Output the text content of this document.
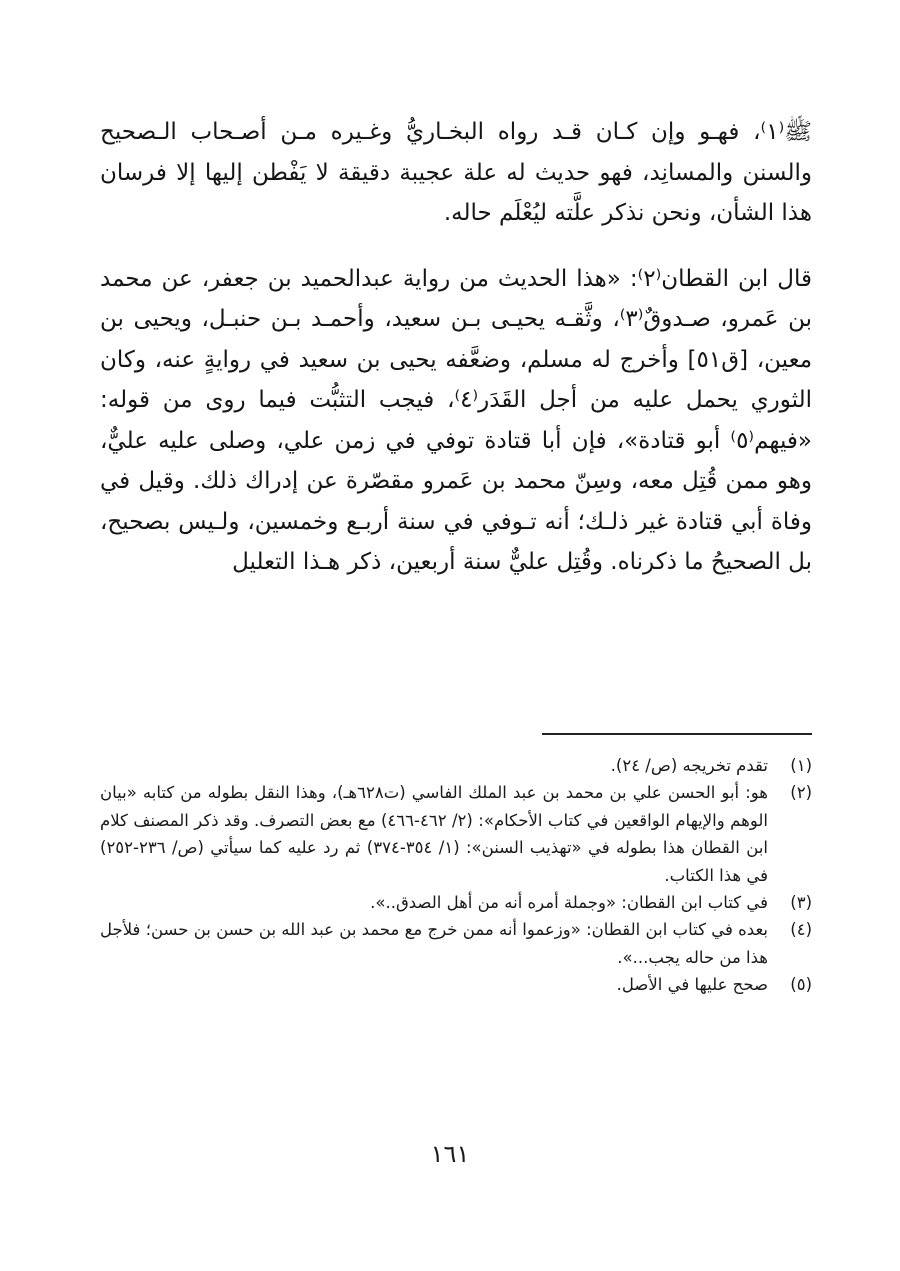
ﷺ⁽١⁾، فهـو وإن كـان قـد رواه البخـاريُّ وغـيره مـن أصـحاب الـصحيح والسنن والمسانِد، فهو حديث له علة عجيبة دقيقة لا يَفْطن إليها إلا فرسان هذا الشأن، ونحن نذكر علَّته ليُعْلَم حاله.

قال ابن القطان⁽٢⁾: «هذا الحديث من رواية عبدالحميد بن جعفر، عن محمد بن عَمرو، صـدوقٌ⁽٣⁾، وثَّقـه يحيـى بـن سعيد، وأحمـد بـن حنبـل، ويحيى بن معين، [ق٥١] وأخرج له مسلم، وضعَّفه يحيى بن سعيد في روايةٍ عنه، وكان الثوري يحمل عليه من أجل القَدَر⁽٤⁾، فيجب التثبُّت فيما روى من قوله: «فيهم⁽٥⁾ أبو قتادة»، فإن أبا قتادة توفي في زمن علي، وصلى عليه عليٌّ، وهو ممن قُتِل معه، وسِنّ محمد بن عَمرو مقصّرة عن إدراك ذلك. وقيل في وفاة أبي قتادة غير ذلـك؛ أنه تـوفي في سنة أربـع وخمسين، ولـيس بصحيح، بل الصحيحُ ما ذكرناه. وقُتِل عليٌّ سنة أربعين، ذكر هـذا التعليل

(١)
تقدم تخريجه (ص/ ٢٤).
(٢)
هو: أبو الحسن علي بن محمد بن عبد الملك الفاسي (ت٦٢٨هـ)، وهذا النقل بطوله من كتابه «بيان الوهم والإيهام الواقعين في كتاب الأحكام»: (٢/ ٤٦٢-٤٦٦) مع بعض التصرف. وقد ذكر المصنف كلام ابن القطان هذا بطوله في «تهذيب السنن»: (١/ ٣٥٤-٣٧٤) ثم رد عليه كما سيأتي (ص/ ٢٣٦-٢٥٢) في هذا الكتاب.
(٣)
في كتاب ابن القطان: «وجملة أمره أنه من أهل الصدق..».
(٤)
بعده في كتاب ابن القطان: «وزعموا أنه ممن خرج مع محمد بن عبد الله بن حسن بن حسن؛ فلأجل هذا من حاله يجب...».
(٥)
صحح عليها في الأصل.
١٦١
